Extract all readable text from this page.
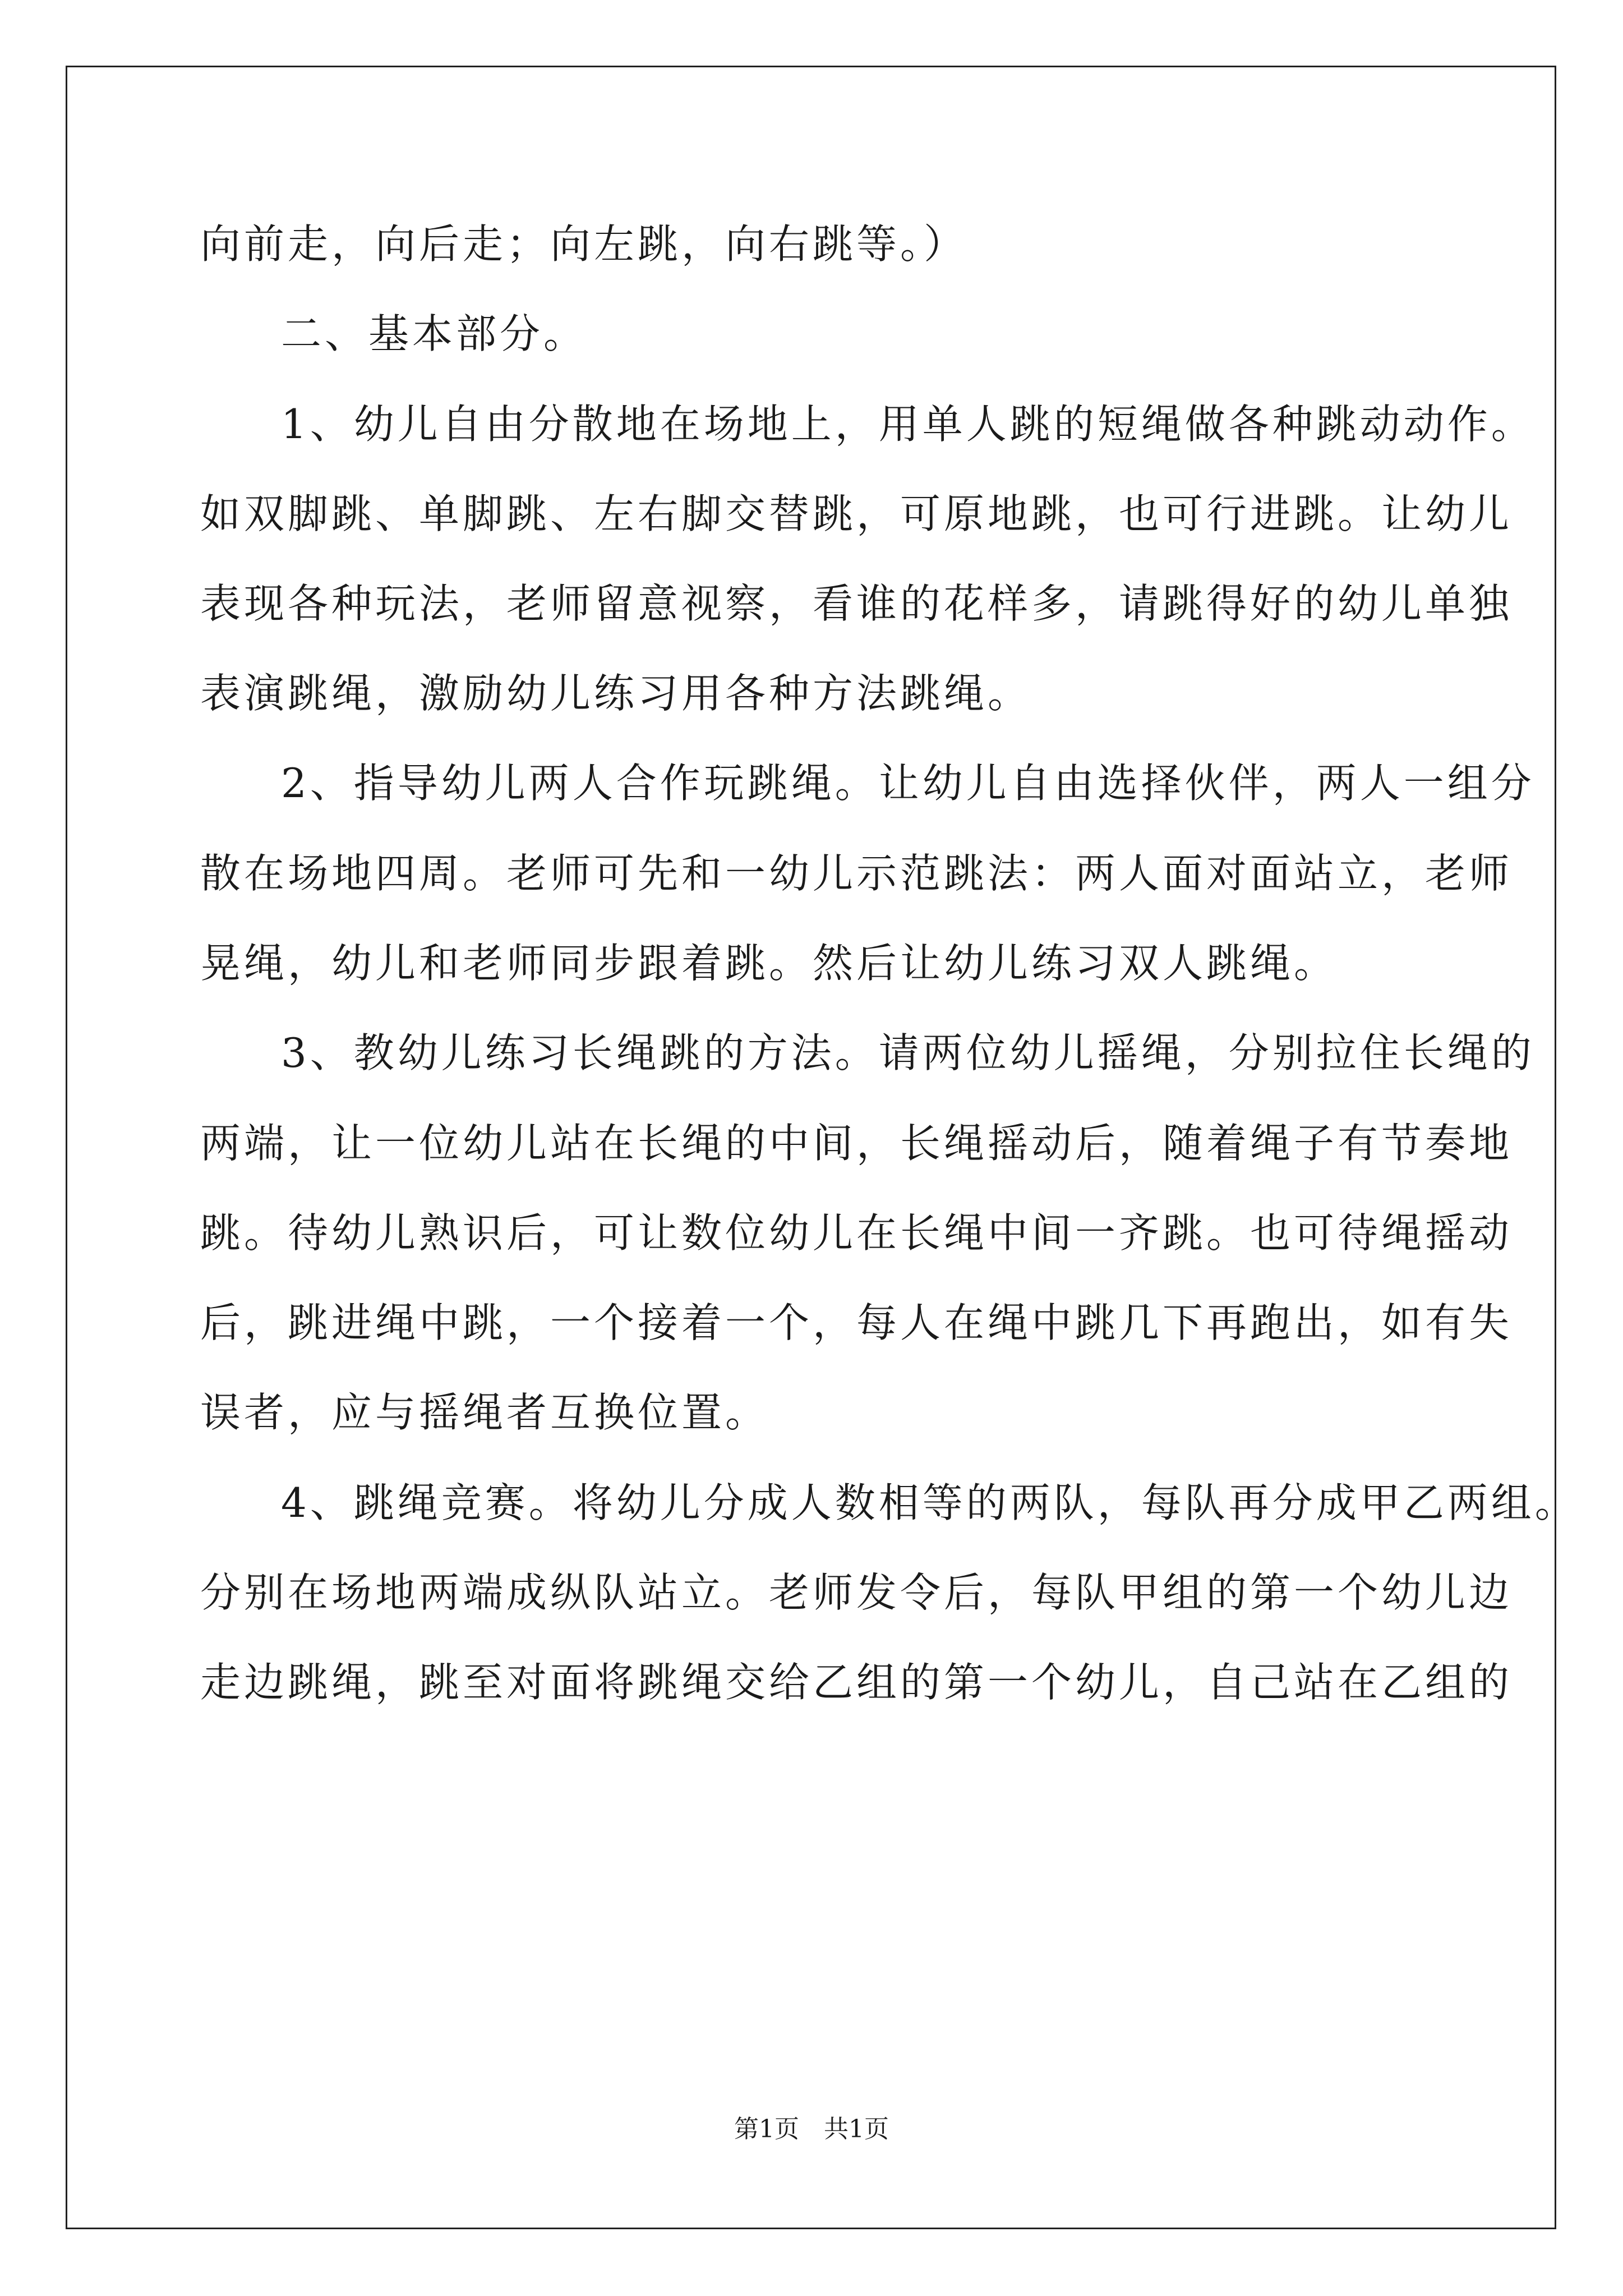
向前走，向后走；向左跳，向右跳等。）
二、基本部分。
1、幼儿自由分散地在场地上，用单人跳的短绳做各种跳动动作。
如双脚跳、单脚跳、左右脚交替跳，可原地跳，也可行进跳。让幼儿
表现各种玩法，老师留意视察，看谁的花样多，请跳得好的幼儿单独
表演跳绳，激励幼儿练习用各种方法跳绳。
2、指导幼儿两人合作玩跳绳。让幼儿自由选择伙伴，两人一组分
散在场地四周。老师可先和一幼儿示范跳法：两人面对面站立，老师
晃绳，幼儿和老师同步跟着跳。然后让幼儿练习双人跳绳。
3、教幼儿练习长绳跳的方法。请两位幼儿摇绳，分别拉住长绳的
两端，让一位幼儿站在长绳的中间，长绳摇动后，随着绳子有节奏地
跳。待幼儿熟识后，可让数位幼儿在长绳中间一齐跳。也可待绳摇动
后，跳进绳中跳，一个接着一个，每人在绳中跳几下再跑出，如有失
误者，应与摇绳者互换位置。
4、跳绳竞赛。将幼儿分成人数相等的两队，每队再分成甲乙两组。
分别在场地两端成纵队站立。老师发令后，每队甲组的第一个幼儿边
走边跳绳，跳至对面将跳绳交给乙组的第一个幼儿，自己站在乙组的
第1页　共1页
